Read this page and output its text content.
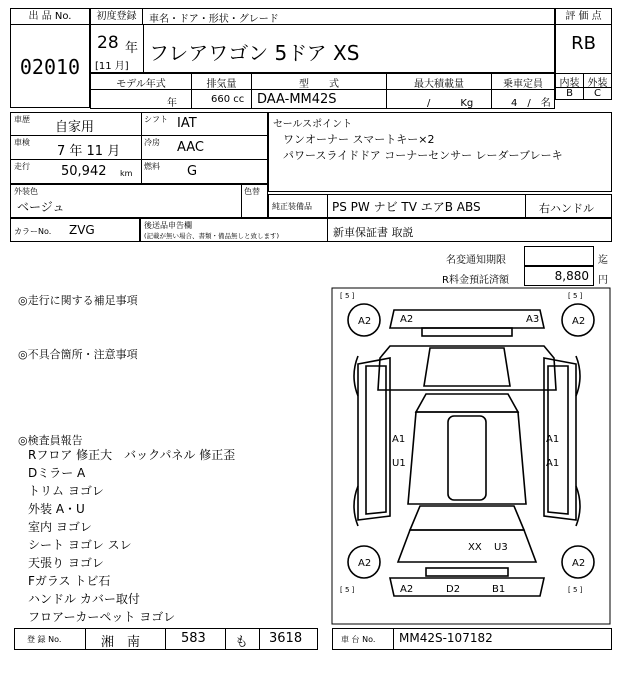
出 品 No.
02010
初度登録	車名・ドア・形状・グレード
28 年
[11 月]
フレアワゴン 5ドア XS
評 価 点
RB
内装 外装
B	C
モデル年式	排気量	型　　式	最大積載量	乗車定員
年	660 cc DAA-MM42S	/　　　Kg	4　/　名
車歴
自家用
シフト IAT
車検
7 年 11 月
冷房 AAC
走行 50,942 km
燃料 G
セールスポイント
ワンオーナー スマートキー×2
パワースライドドア コーナーセンサー レーダーブレーキ
外装色
ベージュ
色替
純正装備品 PS PW ナビ TV エアB ABS	右ハンドル
カラーNo. ZVG	後送品申告欄
(記載が無い場合、書類・備品無しと致します)	新車保証書 取説
名変通知期限	迄
R料金預託済額	8,880 円
◎走行に関する補足事項
◎不具合箇所・注意事項
◎検査員報告
Rフロア 修正大　バックパネル 修正歪
Dミラー A
トリム ヨゴレ
外装 A・U
室内 ヨゴレ
シート ヨゴレ スレ
天張り ヨゴレ
Fガラス トビ石
ハンドル カバー取付
フロアーカーペット ヨゴレ
[ 5 ]	[ 5 ]
[ 5 ]	[ 5 ]
A2	A2
A2	A3
A1	A1
U1	A1
XX U3
A2
A2	D2	B1
A2
登 録 No.	湘　南	583 も 3618	車 台 No. MM42S-107182
